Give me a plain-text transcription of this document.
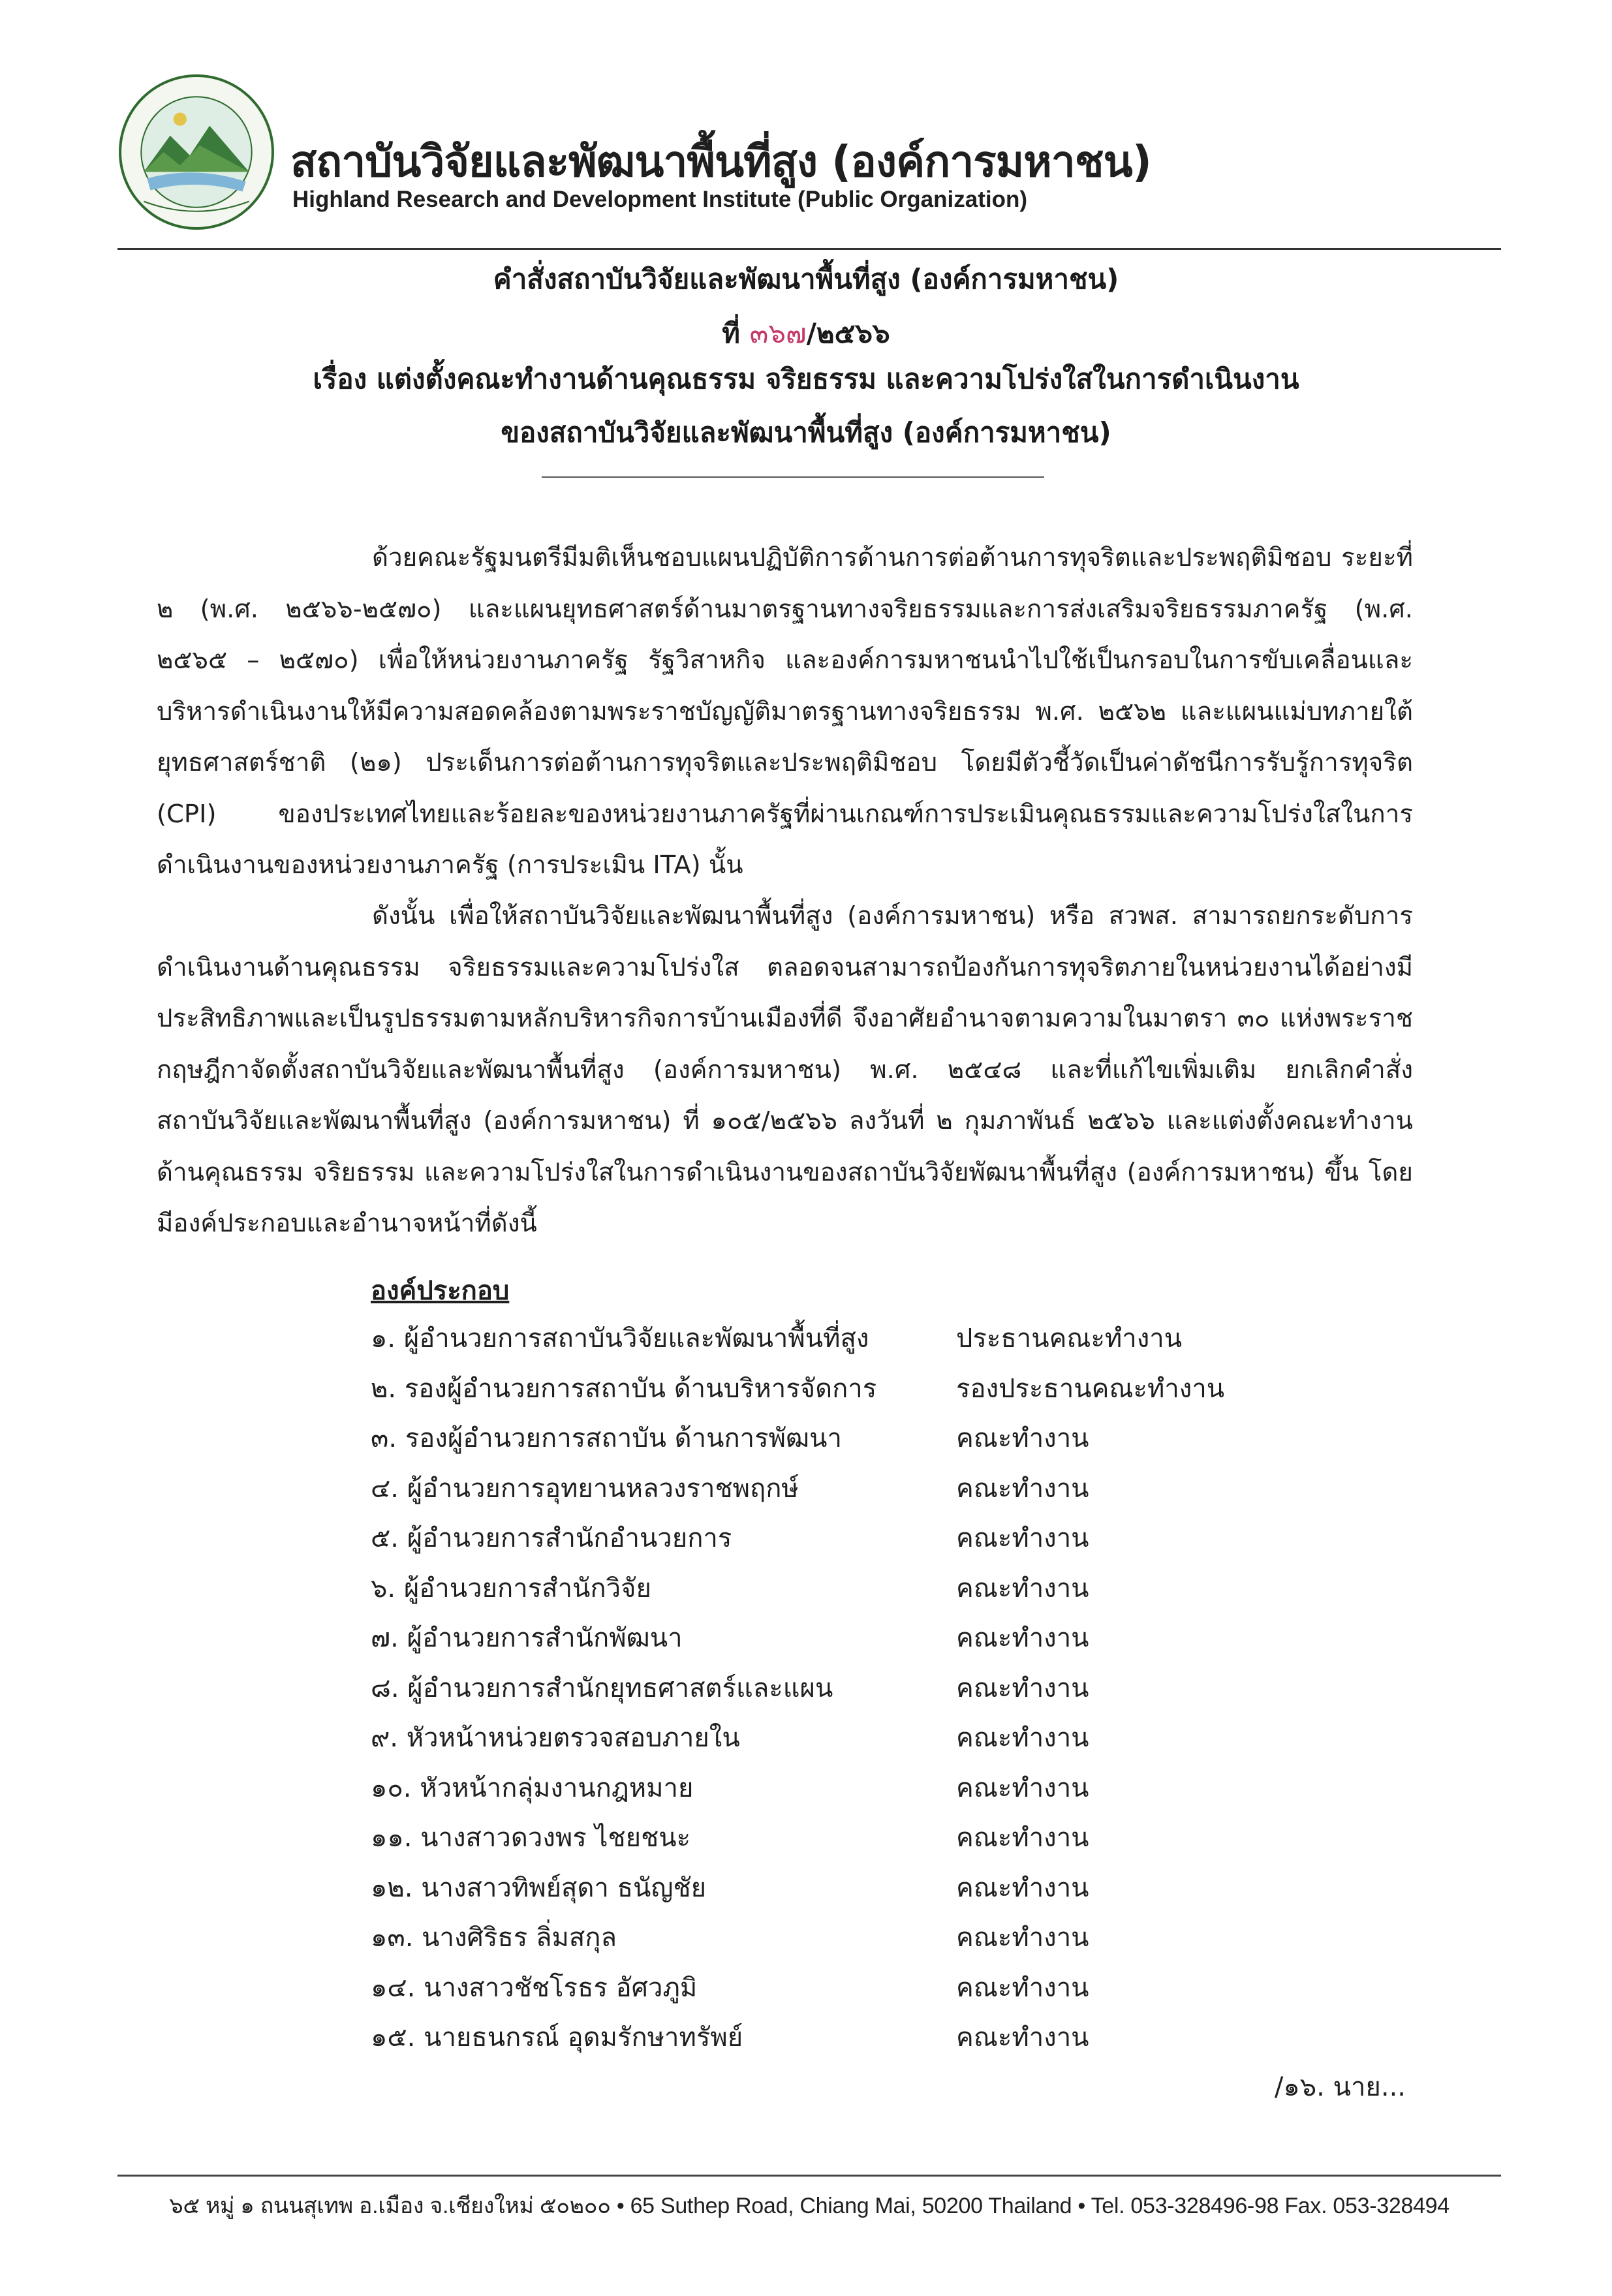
สถาบันวิจัยและพัฒนาพื้นที่สูง (องค์การมหาชน)
Highland Research and Development Institute (Public Organization)
คำสั่งสถาบันวิจัยและพัฒนาพื้นที่สูง (องค์การมหาชน)
ที่ ๓๖๗/๒๕๖๖
เรื่อง แต่งตั้งคณะทำงานด้านคุณธรรม จริยธรรม และความโปร่งใสในการดำเนินงาน
ของสถาบันวิจัยและพัฒนาพื้นที่สูง (องค์การมหาชน)
ด้วยคณะรัฐมนตรีมีมติเห็นชอบแผนปฏิบัติการด้านการต่อต้านการทุจริตและประพฤติมิชอบ ระยะที่ ๒ (พ.ศ. ๒๕๖๖-๒๕๗๐) และแผนยุทธศาสตร์ด้านมาตรฐานทางจริยธรรมและการส่งเสริมจริยธรรมภาครัฐ (พ.ศ. ๒๕๖๕ – ๒๕๗๐) เพื่อให้หน่วยงานภาครัฐ รัฐวิสาหกิจ และองค์การมหาชนนำไปใช้เป็นกรอบในการขับเคลื่อนและบริหารดำเนินงานให้มีความสอดคล้องตามพระราชบัญญัติมาตรฐานทางจริยธรรม พ.ศ. ๒๕๖๒ และแผนแม่บทภายใต้ยุทธศาสตร์ชาติ (๒๑) ประเด็นการต่อต้านการทุจริตและประพฤติมิชอบ โดยมีตัวชี้วัดเป็นค่าดัชนีการรับรู้การทุจริต (CPI) ของประเทศไทยและร้อยละของหน่วยงานภาครัฐที่ผ่านเกณฑ์การประเมินคุณธรรมและความโปร่งใสในการดำเนินงานของหน่วยงานภาครัฐ (การประเมิน ITA) นั้น
ดังนั้น เพื่อให้สถาบันวิจัยและพัฒนาพื้นที่สูง (องค์การมหาชน) หรือ สวพส. สามารถยกระดับการดำเนินงานด้านคุณธรรม จริยธรรมและความโปร่งใส ตลอดจนสามารถป้องกันการทุจริตภายในหน่วยงานได้อย่างมีประสิทธิภาพและเป็นรูปธรรมตามหลักบริหารกิจการบ้านเมืองที่ดี จึงอาศัยอำนาจตามความในมาตรา ๓๐ แห่งพระราชกฤษฎีกาจัดตั้งสถาบันวิจัยและพัฒนาพื้นที่สูง (องค์การมหาชน) พ.ศ. ๒๕๔๘ และที่แก้ไขเพิ่มเติม ยกเลิกคำสั่งสถาบันวิจัยและพัฒนาพื้นที่สูง (องค์การมหาชน) ที่ ๑๐๕/๒๕๖๖ ลงวันที่ ๒ กุมภาพันธ์ ๒๕๖๖ และแต่งตั้งคณะทำงานด้านคุณธรรม จริยธรรม และความโปร่งใสในการดำเนินงานของสถาบันวิจัยพัฒนาพื้นที่สูง (องค์การมหาชน) ขึ้น โดยมีองค์ประกอบและอำนาจหน้าที่ดังนี้
องค์ประกอบ
๑. ผู้อำนวยการสถาบันวิจัยและพัฒนาพื้นที่สูง	ประธานคณะทำงาน
๒. รองผู้อำนวยการสถาบัน ด้านบริหารจัดการ	รองประธานคณะทำงาน
๓. รองผู้อำนวยการสถาบัน ด้านการพัฒนา	คณะทำงาน
๔. ผู้อำนวยการอุทยานหลวงราชพฤกษ์	คณะทำงาน
๕. ผู้อำนวยการสำนักอำนวยการ	คณะทำงาน
๖. ผู้อำนวยการสำนักวิจัย	คณะทำงาน
๗. ผู้อำนวยการสำนักพัฒนา	คณะทำงาน
๘. ผู้อำนวยการสำนักยุทธศาสตร์และแผน	คณะทำงาน
๙. หัวหน้าหน่วยตรวจสอบภายใน	คณะทำงาน
๑๐. หัวหน้ากลุ่มงานกฎหมาย	คณะทำงาน
๑๑. นางสาวดวงพร ไชยชนะ	คณะทำงาน
๑๒. นางสาวทิพย์สุดา ธนัญชัย	คณะทำงาน
๑๓. นางศิริธร ลิ่มสกุล	คณะทำงาน
๑๔. นางสาวชัชโรธร อัศวภูมิ	คณะทำงาน
๑๕. นายธนกรณ์ อุดมรักษาทรัพย์	คณะทำงาน
/๑๖. นาย...
๖๕ หมู่ ๑ ถนนสุเทพ อ.เมือง จ.เชียงใหม่ ๕๐๒๐๐ • 65 Suthep Road, Chiang Mai, 50200 Thailand • Tel. 053-328496-98 Fax. 053-328494
